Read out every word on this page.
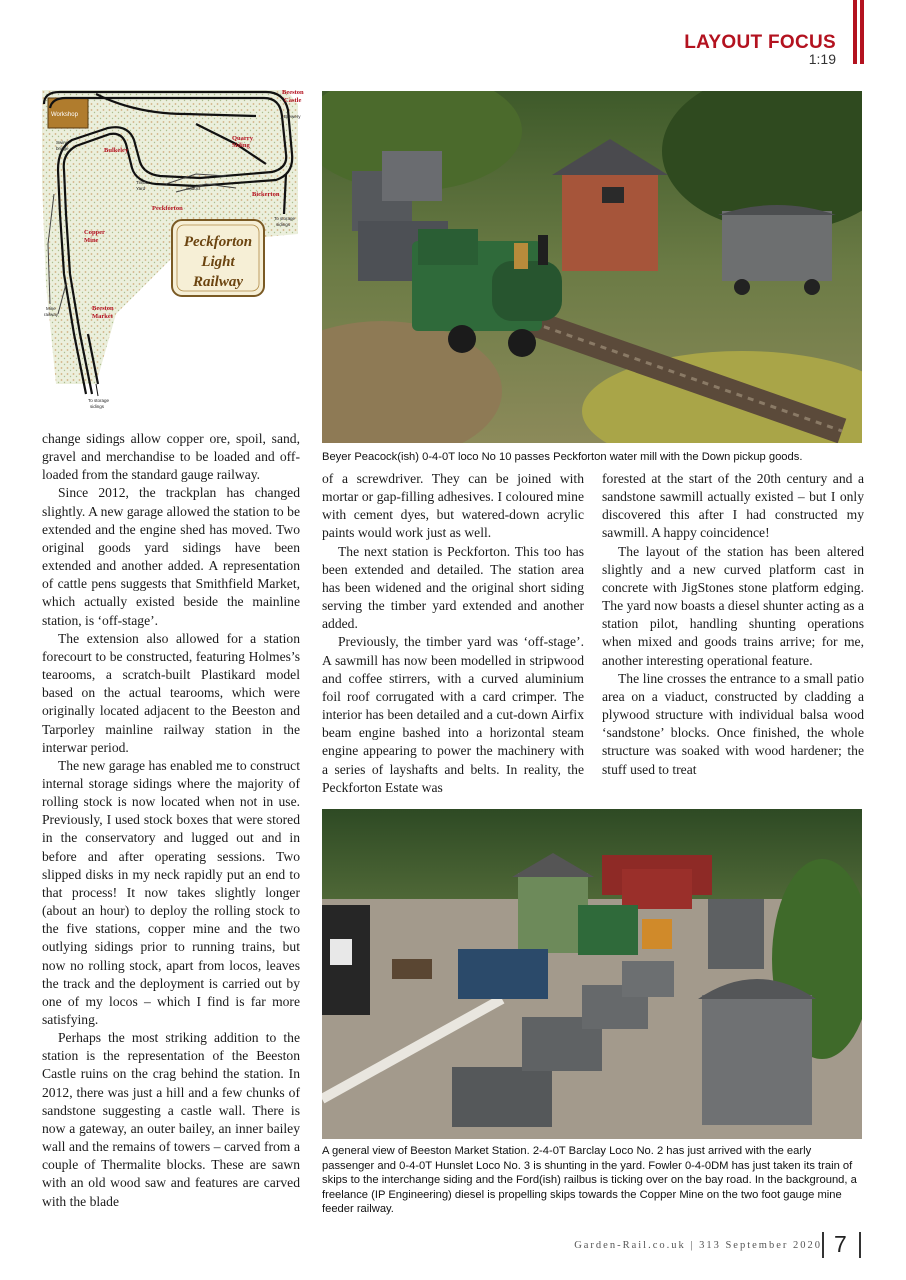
LAYOUT FOCUS
1:19
Workshop
Beeston
Castle
Bulkeley
Quarry
Siding
Peckforton
Bickerton
Copper
Mine
Beeston
Market
Brewery
Swing
bridge
Timber
Yard	viaduct
To storage
sidings
Mine
railway
To storage
sidings
Peckforton
Light
Railway
Beyer Peacock(ish) 0-4-0T loco No 10 passes Peckforton water mill with the Down pickup goods.
A general view of Beeston Market Station. 2-4-0T Barclay Loco No. 2 has just arrived with the early passenger and 0-4-0T Hunslet Loco No. 3 is shunting in the yard. Fowler 0-4-0DM has just taken its train of skips to the interchange siding and the Ford(ish) railbus is ticking over on the bay road. In the background, a freelance (IP Engineering) diesel is propelling skips towards the Copper Mine on the two foot gauge mine feeder railway.

change sidings allow copper ore, spoil, sand, gravel and merchandise to be loaded and off-loaded from the standard gauge railway.

Since 2012, the trackplan has changed slightly. A new garage allowed the station to be extended and the engine shed has moved. Two original goods yard sidings have been extended and another added. A representation of cattle pens suggests that Smithfield Market, which actually existed beside the mainline station, is ‘off-stage’.

The extension also allowed for a station forecourt to be constructed, featuring Holmes’s tearooms, a scratch-built Plastikard model based on the actual tearooms, which were originally located adjacent to the Beeston and Tarporley mainline railway station in the interwar period.

The new garage has enabled me to construct internal storage sidings where the majority of rolling stock is now located when not in use. Previously, I used stock boxes that were stored in the conservatory and lugged out and in before and after operating sessions. Two slipped disks in my neck rapidly put an end to that process! It now takes slightly longer (about an hour) to deploy the rolling stock to the five stations, copper mine and the two outlying sidings prior to running trains, but now no rolling stock, apart from locos, leaves the track and the deployment is carried out by one of my locos – which I find is far more satisfying.

Perhaps the most striking addition to the station is the representation of the Beeston Castle ruins on the crag behind the station. In 2012, there was just a hill and a few chunks of sandstone suggesting a castle wall. There is now a gateway, an outer bailey, an inner bailey wall and the remains of towers – carved from a couple of Thermalite blocks. These are sawn with an old wood saw and features are carved with the blade

of a screwdriver. They can be joined with mortar or gap-filling adhesives. I coloured mine with cement dyes, but watered-down acrylic paints would work just as well.

The next station is Peckforton. This too has been extended and detailed. The station area has been widened and the original short siding serving the timber yard extended and another added.

Previously, the timber yard was ‘off-stage’. A sawmill has now been modelled in stripwood and coffee stirrers, with a curved aluminium foil roof corrugated with a card crimper. The interior has been detailed and a cut-down Airfix beam engine bashed into a horizontal steam engine appearing to power the machinery with a series of layshafts and belts. In reality, the Peckforton Estate was

forested at the start of the 20th century and a sandstone sawmill actually existed – but I only discovered this after I had constructed my sawmill. A happy coincidence!

The layout of the station has been altered slightly and a new curved platform cast in concrete with JigStones stone platform edging. The yard now boasts a diesel shunter acting as a station pilot, handling shunting operations when mixed and goods trains arrive; for me, another interesting operational feature.

The line crosses the entrance to a small patio area on a viaduct, constructed by cladding a plywood structure with individual balsa wood ‘sandstone’ blocks. Once finished, the whole structure was soaked with wood hardener; the stuff used to treat

Garden-Rail.co.uk | 313 September 2020 7
